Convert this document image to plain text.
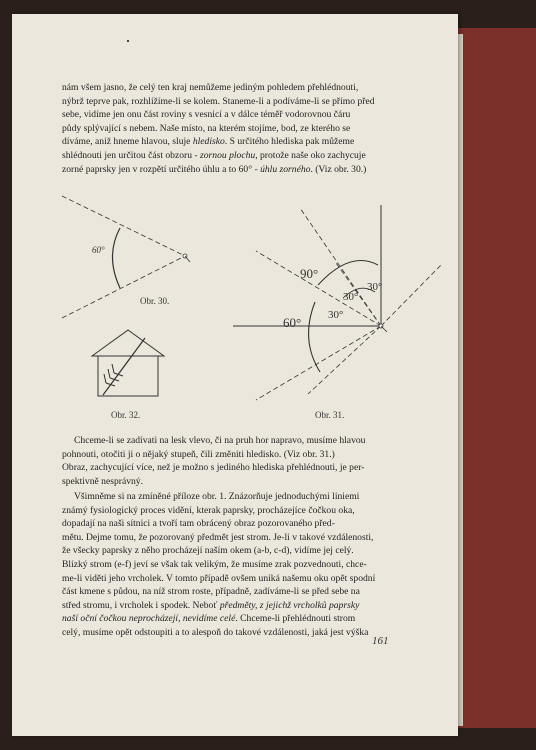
nám všem jasno, že celý ten kraj nemůžeme jediným pohledem přehlédnouti,
nýbrž teprve pak, rozhlížíme-li se kolem. Staneme-li a podíváme-li se přímo před
sebe, vidíme jen onu část roviny s vesnicí a v dálce téměř vodorovnou čáru
půdy splývající s nebem. Naše místo, na kterém stojíme, bod, ze kterého se
díváme, aniž hneme hlavou, sluje hledisko. S určitého hlediska pak můžeme
shlédnouti jen určitou část obzoru - zornou plochu, protože naše oko zachycuje
zorné paprsky jen v rozpětí určitého úhlu a to 60° - úhlu zorného. (Viz obr. 30.)
60°
Obr. 30.
Obr. 32.	Obr. 31.
90°
60°
30°
30°
30°
Chceme-li se zadívati na lesk vlevo, či na pruh hor napravo, musíme hlavou
pohnouti, otočiti ji o nějaký stupeň, čili změniti hledisko. (Viz obr. 31.)
Obraz, zachycující více, než je možno s jediného hlediska přehlédnouti, je per-
spektivně nesprávný.
Všimněme si na zmíněné příloze obr. 1. Znázorňuje jednoduchými liniemi
známý fysiologický proces vidění, kterak paprsky, procházejíce čočkou oka,
dopadají na naši sítnici a tvoří tam obrácený obraz pozorovaného před-
mětu. Dejme tomu, že pozorovaný předmět jest strom. Je-li v takové vzdálenosti,
že všecky paprsky z něho procházejí naším okem (a-b, c-d), vidíme jej celý.
Blízký strom (e-f) jeví se však tak velikým, že musíme zrak pozvednouti, chce-
me-li viděti jeho vrcholek. V tomto případě ovšem uniká našemu oku opět spodní
část kmene s půdou, na níž strom roste, případně, zadíváme-li se před sebe na
střed stromu, i vrcholek i spodek. Neboť předměty, z jejichž vrcholků paprsky
naší oční čočkou neprocházejí, nevidíme celé. Chceme-li přehlédnouti strom
celý, musíme opět odstoupiti a to alespoň do takové vzdálenosti, jaká jest výška
161
